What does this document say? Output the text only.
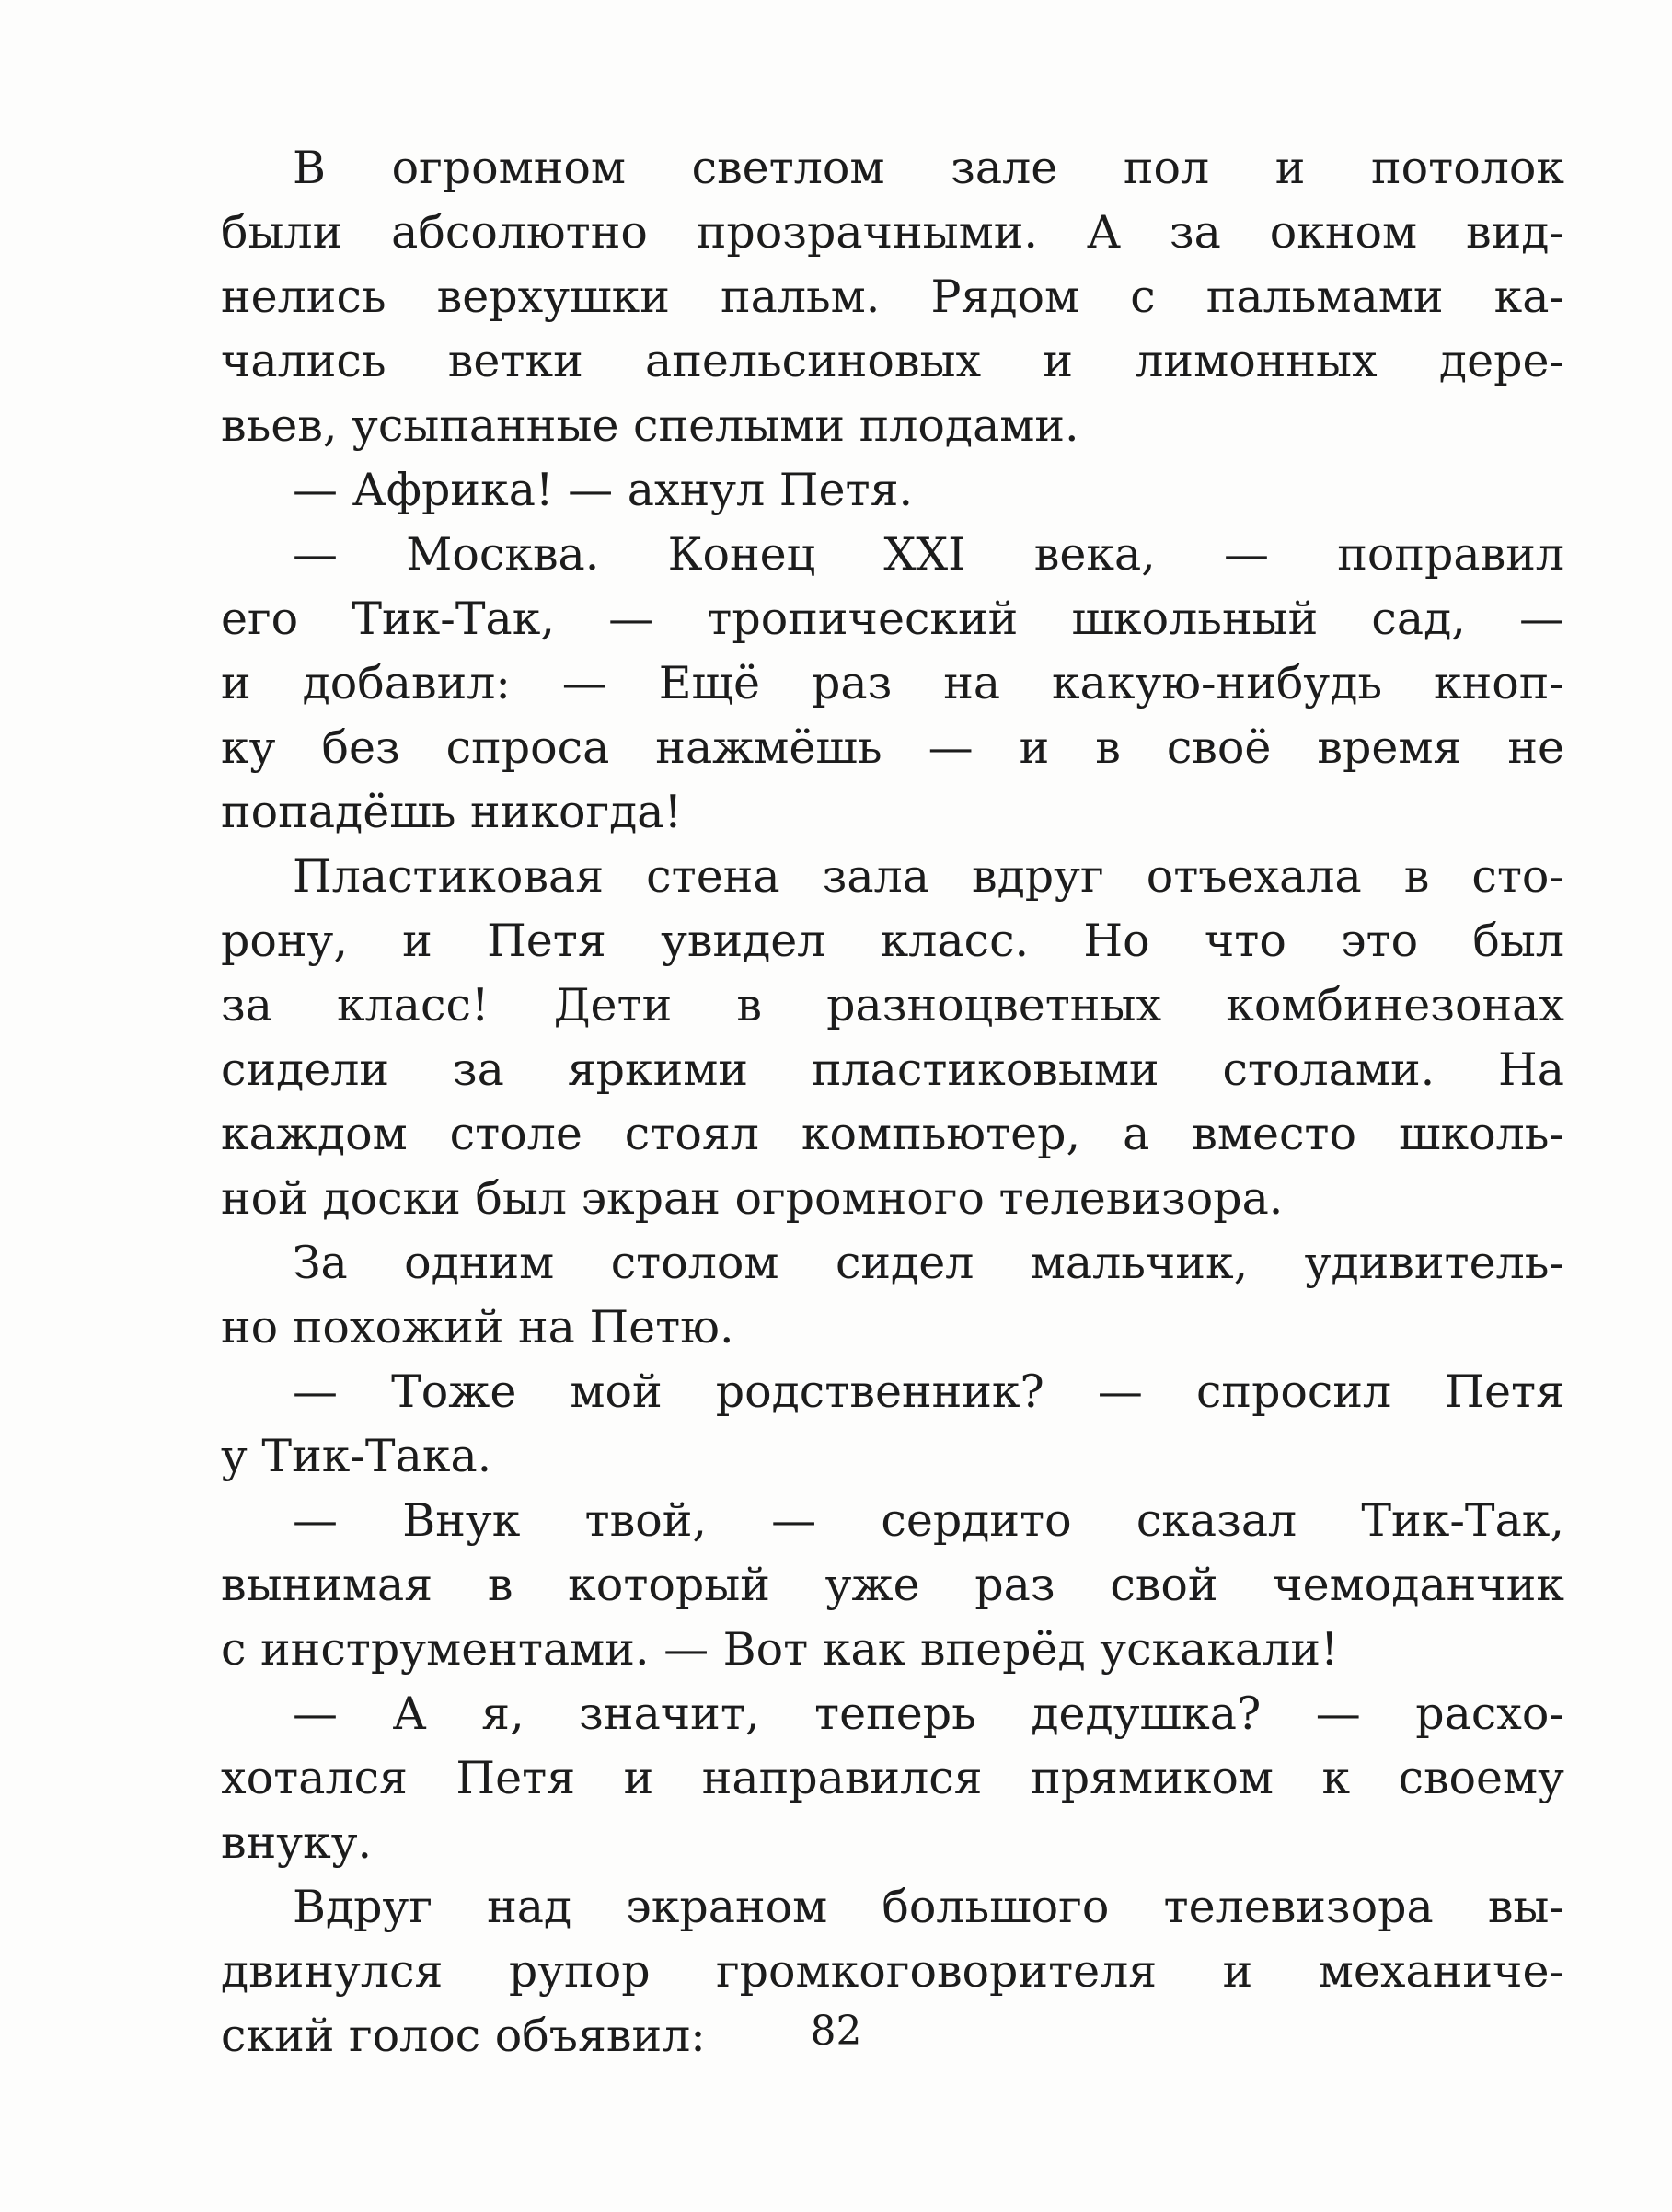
В огромном светлом зале пол и потолок
были абсолютно прозрачными. А за окном вид-
нелись верхушки пальм. Рядом с пальмами ка-
чались ветки апельсиновых и лимонных дере-
вьев, усыпанные спелыми плодами.
— Африка! — ахнул Петя.
— Москва. Конец XXI века, — поправил
его Тик-Так, — тропический школьный сад, —
и добавил: — Ещё раз на какую-нибудь кноп-
ку без спроса нажмёшь — и в своё время не
попадёшь никогда!
Пластиковая стена зала вдруг отъехала в сто-
рону, и Петя увидел класс. Но что это был
за класс! Дети в разноцветных комбинезонах
сидели за яркими пластиковыми столами. На
каждом столе стоял компьютер, а вместо школь-
ной доски был экран огромного телевизора.
За одним столом сидел мальчик, удивитель-
но похожий на Петю.
— Тоже мой родственник? — спросил Петя
у Тик-Така.
— Внук твой, — сердито сказал Тик-Так,
вынимая в который уже раз свой чемоданчик
с инструментами. — Вот как вперёд ускакали!
— А я, значит, теперь дедушка? — расхо-
хотался Петя и направился прямиком к своему
внуку.
Вдруг над экраном большого телевизора вы-
двинулся рупор громкоговорителя и механиче-
ский голос объявил:	82
